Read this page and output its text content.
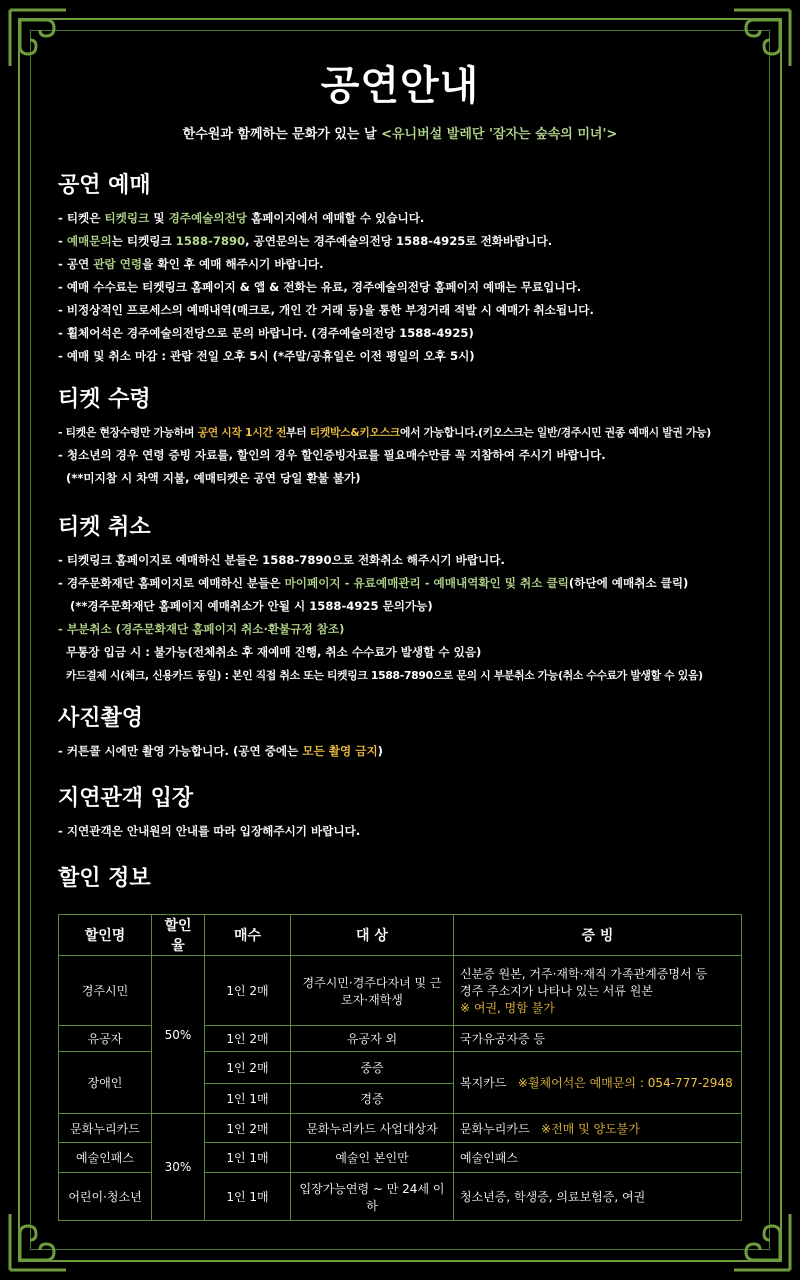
공연안내
한수원과 함께하는 문화가 있는 날 <유니버설 발레단 '잠자는 숲속의 미녀'>
공연 예매
- 티켓은 티켓링크 및 경주예술의전당 홈페이지에서 예매할 수 있습니다.
- 예매문의는 티켓링크 1588-7890, 공연문의는 경주예술의전당 1588-4925로 전화바랍니다.
- 공연 관람 연령을 확인 후 예매 해주시기 바랍니다.
- 예매 수수료는 티켓링크 홈페이지 & 앱 & 전화는 유료, 경주예술의전당 홈페이지 예매는 무료입니다.
- 비정상적인 프로세스의 예매내역(매크로, 개인 간 거래 등)을 통한 부정거래 적발 시 예매가 취소됩니다.
- 휠체어석은 경주예술의전당으로 문의 바랍니다. (경주예술의전당 1588-4925)
- 예매 및 취소 마감 : 관람 전일 오후 5시 (*주말/공휴일은 이전 평일의 오후 5시)
티켓 수령
- 티켓은 현장수령만 가능하며 공연 시작 1시간 전부터 티켓박스&키오스크에서 가능합니다.(키오스크는 일반/경주시민 권종 예매시 발권 가능)
- 청소년의 경우 연령 증빙 자료를, 할인의 경우 할인증빙자료를 필요매수만큼 꼭 지참하여 주시기 바랍니다.
(**미지참 시 차액 지불, 예매티켓은 공연 당일 환불 불가)
티켓 취소
- 티켓링크 홈페이지로 예매하신 분들은 1588-7890으로 전화취소 해주시기 바랍니다.
- 경주문화재단 홈페이지로 예매하신 분들은 마이페이지 - 유료예매관리 - 예매내역확인 및 취소 클릭(하단에 예매취소 클릭)
(**경주문화재단 홈페이지 예매취소가 안될 시 1588-4925 문의가능)
- 부분취소 (경주문화재단 홈페이지 취소·환불규정 참조)
무통장 입금 시 : 불가능(전체취소 후 재예매 진행, 취소 수수료가 발생할 수 있음)
카드결제 시(체크, 신용카드 동일) : 본인 직접 취소 또는 티켓링크 1588-7890으로 문의 시 부분취소 가능(취소 수수료가 발생할 수 있음)
사진촬영
- 커튼콜 시에만 촬영 가능합니다. (공연 중에는 모든 촬영 금지)
지연관객 입장
- 지연관객은 안내원의 안내를 따라 입장해주시기 바랍니다.
할인 정보
할인명	할인율	매수	대 상	증 빙
경주시민	50%	1인 2매	경주시민·경주다자녀 및 근로자·재학생	신분증 원본, 거주·재학·재직 가족관계증명서 등
경주 주소지가 나타나 있는 서류 원본
※ 여권, 명함 불가

유공자		1인 2매	유공자 외	국가유공자증 등
장애인		1인 2매	중증	복지카드 ※휠체어석은 예매문의 : 054-777-2948
		1인 1매	경증	
문화누리카드	30%	1인 2매	문화누리카드 사업대상자	문화누리카드 ※전매 및 양도불가
예술인패스		1인 1매	예술인 본인만	예술인패스
어린이·청소년		1인 1매	입장가능연령 ~ 만 24세 이하	청소년증, 학생증, 의료보험증, 여권
